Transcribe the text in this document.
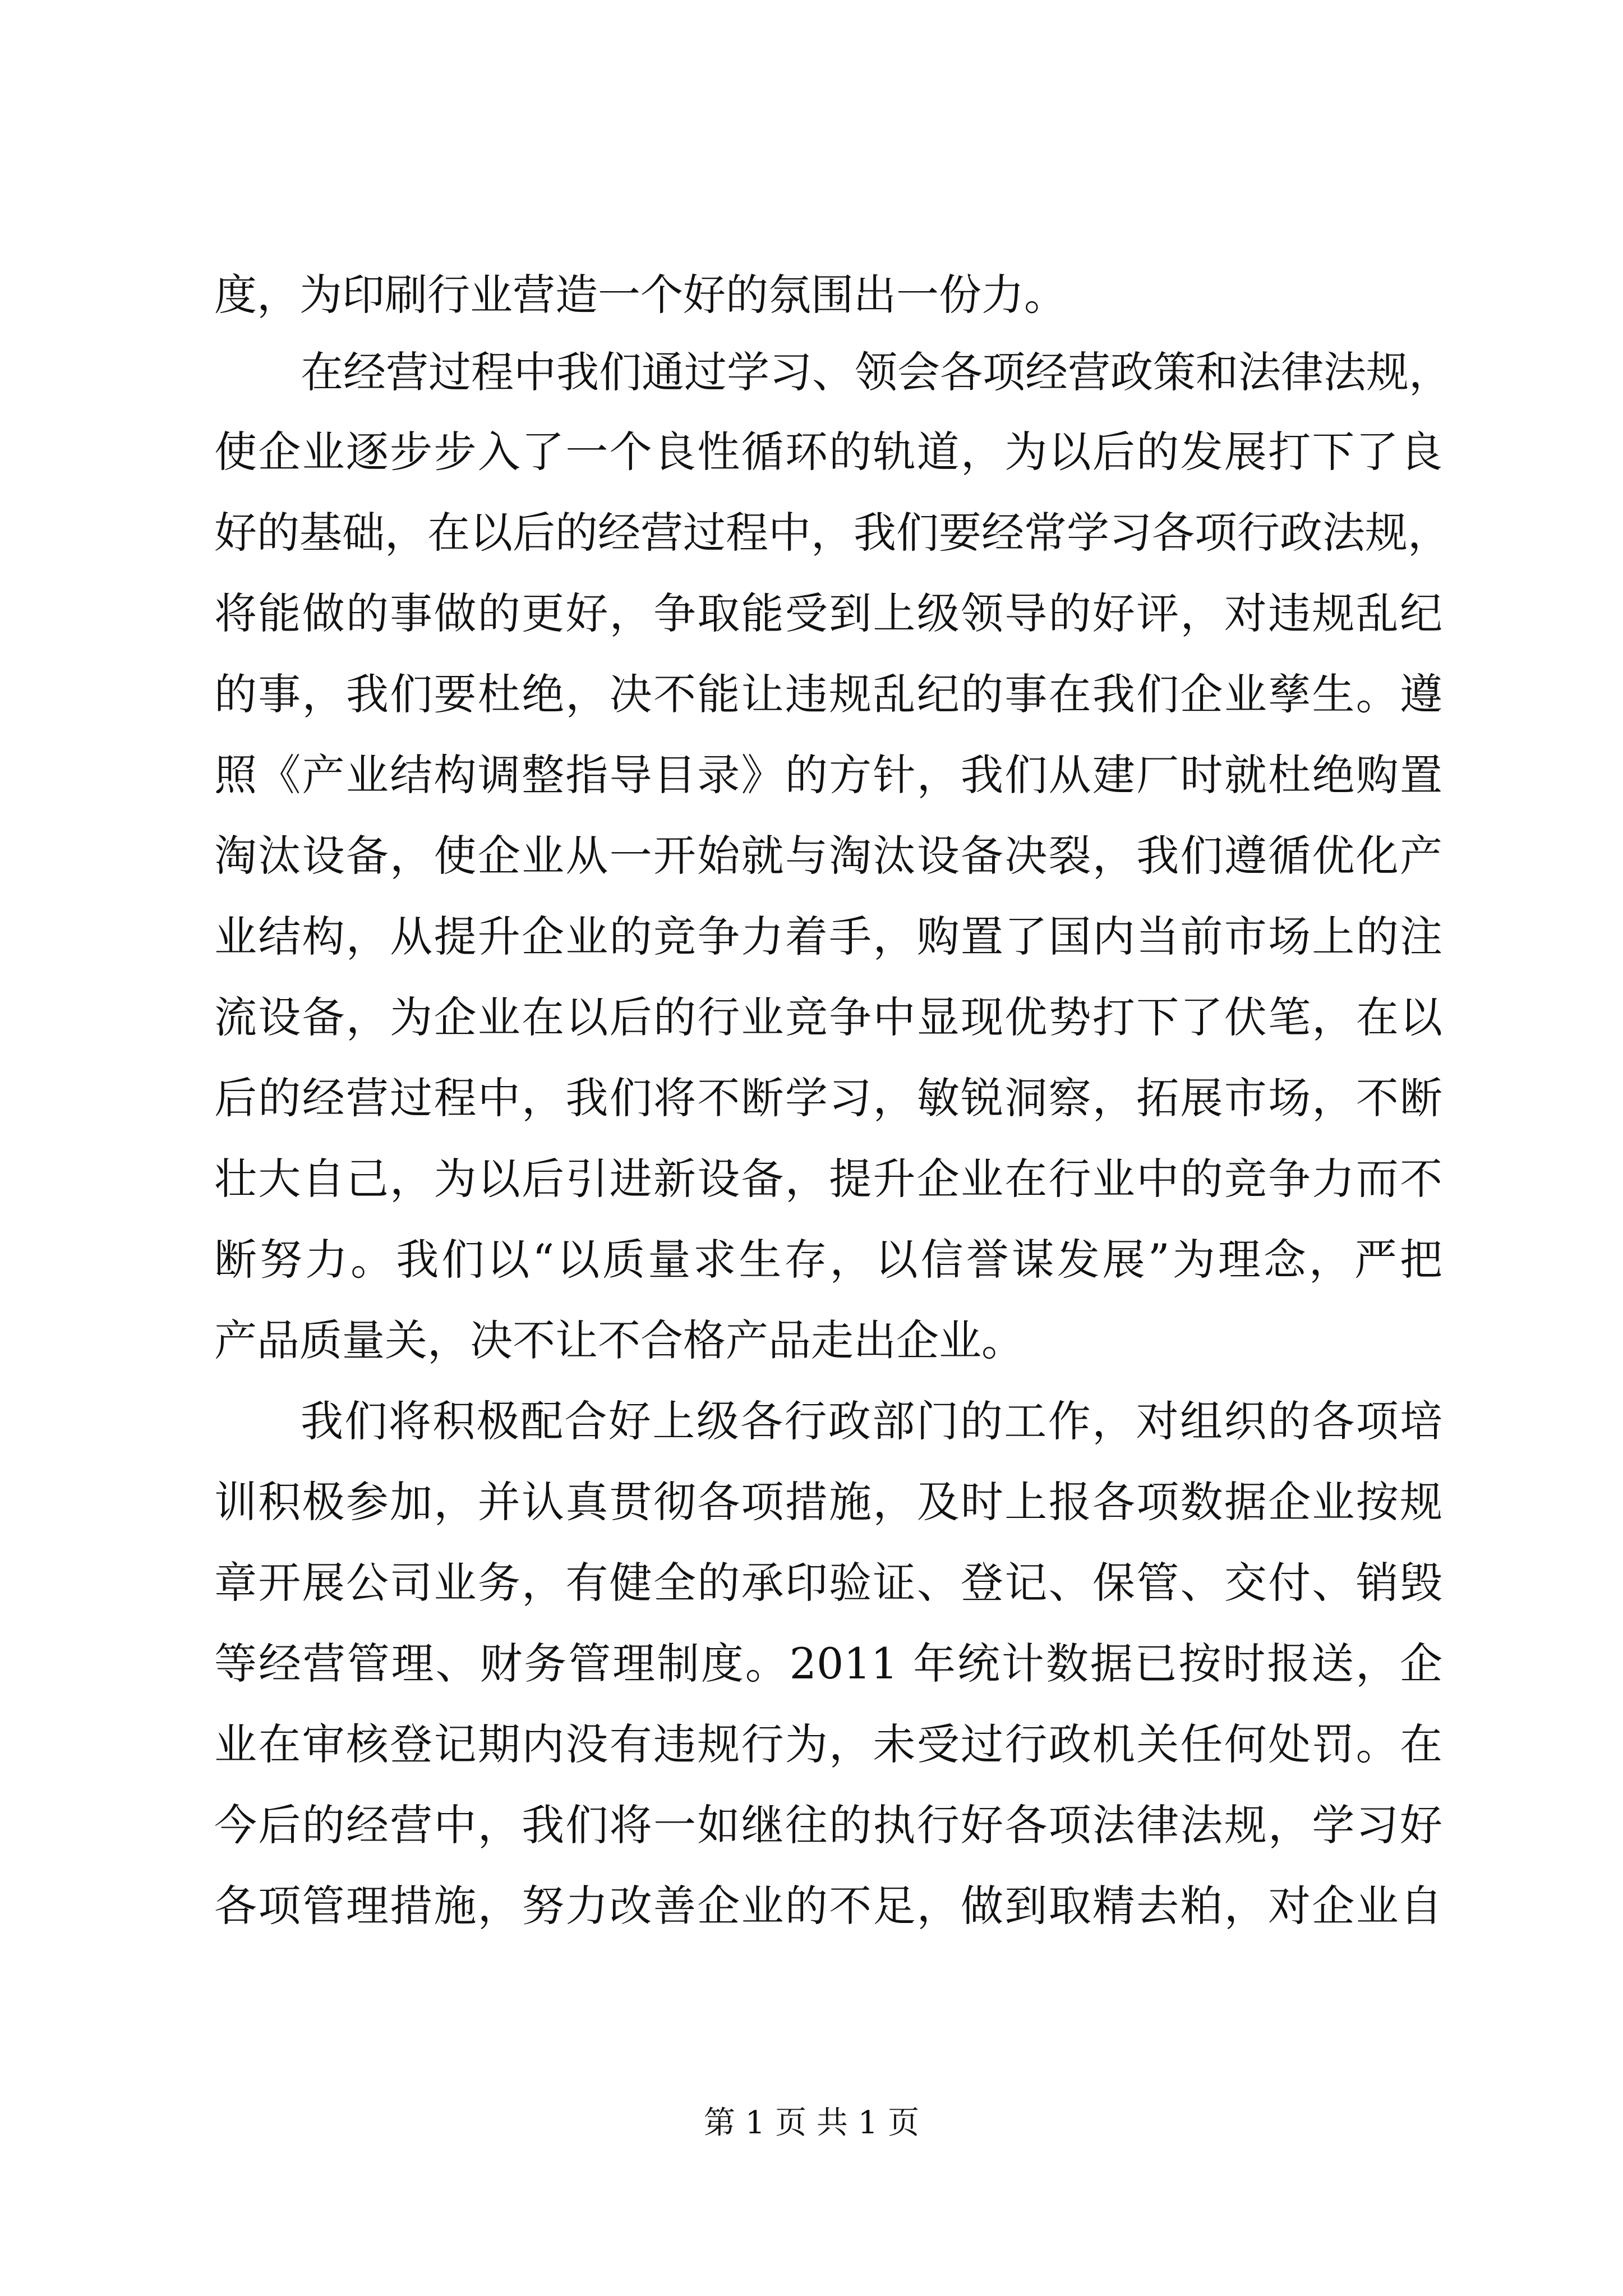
度，为印刷行业营造一个好的氛围出一份力。
在经营过程中我们通过学习、领会各项经营政策和法律法规，
使企业逐步步入了一个良性循环的轨道，为以后的发展打下了良
好的基础，在以后的经营过程中，我们要经常学习各项行政法规，
将能做的事做的更好，争取能受到上级领导的好评，对违规乱纪
的事，我们要杜绝，决不能让违规乱纪的事在我们企业孳生。遵
照《产业结构调整指导目录》的方针，我们从建厂时就杜绝购置
淘汰设备，使企业从一开始就与淘汰设备决裂，我们遵循优化产
业结构，从提升企业的竞争力着手，购置了国内当前市场上的注
流设备，为企业在以后的行业竞争中显现优势打下了伏笔，在以
后的经营过程中，我们将不断学习，敏锐洞察，拓展市场，不断
壮大自己，为以后引进新设备，提升企业在行业中的竞争力而不
断努力。我们以“以质量求生存，以信誉谋发展”为理念，严把
产品质量关，决不让不合格产品走出企业。
我们将积极配合好上级各行政部门的工作，对组织的各项培
训积极参加，并认真贯彻各项措施，及时上报各项数据企业按规
章开展公司业务，有健全的承印验证、登记、保管、交付、销毁
等经营管理、财务管理制度。2011 年统计数据已按时报送，企
业在审核登记期内没有违规行为，未受过行政机关任何处罚。在
今后的经营中，我们将一如继往的执行好各项法律法规，学习好
各项管理措施，努力改善企业的不足，做到取精去粕，对企业自
第 1 页 共 1 页
